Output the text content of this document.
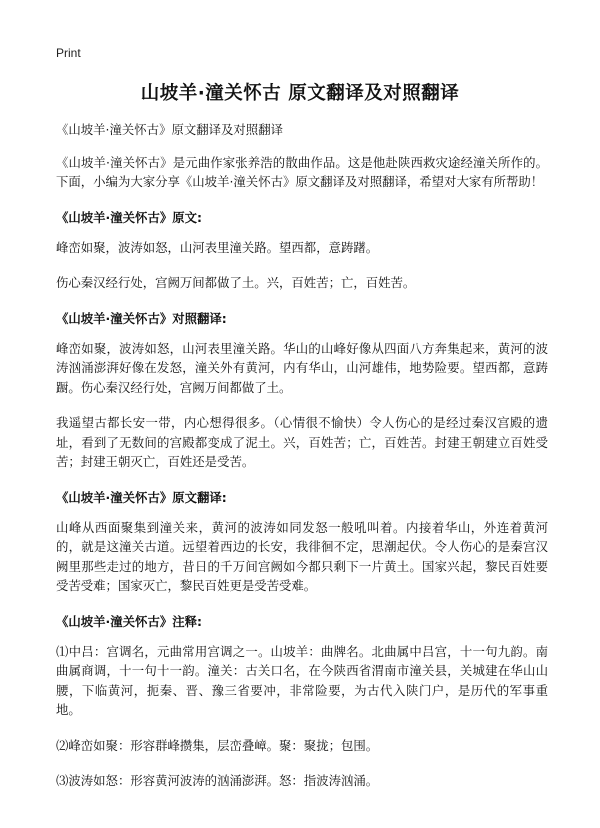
Print
山坡羊·潼关怀古 原文翻译及对照翻译

《山坡羊·潼关怀古》原文翻译及对照翻译

《山坡羊·潼关怀古》是元曲作家张养浩的散曲作品。这是他赴陕西救灾途经潼关所作的。下面，小编为大家分享《山坡羊·潼关怀古》原文翻译及对照翻译，希望对大家有所帮助！

《山坡羊·潼关怀古》原文:

峰峦如聚，波涛如怒，山河表里潼关路。望西都，意踌躇。

伤心秦汉经行处，宫阙万间都做了土。兴，百姓苦；亡，百姓苦。

《山坡羊·潼关怀古》对照翻译:

峰峦如聚，波涛如怒，山河表里潼关路。华山的山峰好像从四面八方奔集起来，黄河的波涛汹涌澎湃好像在发怒，潼关外有黄河，内有华山，山河雄伟，地势险要。望西都，意踌蹰。伤心秦汉经行处，宫阙万间都做了土。

我遥望古都长安一带，内心想得很多。（心情很不愉快）令人伤心的是经过秦汉宫殿的遗址，看到了无数间的宫殿都变成了泥土。兴，百姓苦；亡，百姓苦。封建王朝建立百姓受苦；封建王朝灭亡，百姓还是受苦。

《山坡羊·潼关怀古》原文翻译:

山峰从西面聚集到潼关来，黄河的波涛如同发怒一般吼叫着。内接着华山，外连着黄河的，就是这潼关古道。远望着西边的长安，我徘徊不定，思潮起伏。令人伤心的是秦宫汉阙里那些走过的地方，昔日的千万间宫阙如今都只剩下一片黄土。国家兴起，黎民百姓要受苦受难；国家灭亡，黎民百姓更是受苦受难。

《山坡羊·潼关怀古》注释:

⑴中吕：宫调名，元曲常用宫调之一。山坡羊：曲牌名。北曲属中吕宫，十一句九韵。南曲属商调，十一句十一韵。潼关：古关口名，在今陕西省渭南市潼关县，关城建在华山山腰，下临黄河，扼秦、晋、豫三省要冲，非常险要，为古代入陕门户，是历代的军事重地。

⑵峰峦如聚：形容群峰攒集，层峦叠嶂。聚：聚拢；包围。

⑶波涛如怒：形容黄河波涛的汹涌澎湃。怒：指波涛汹涌。
